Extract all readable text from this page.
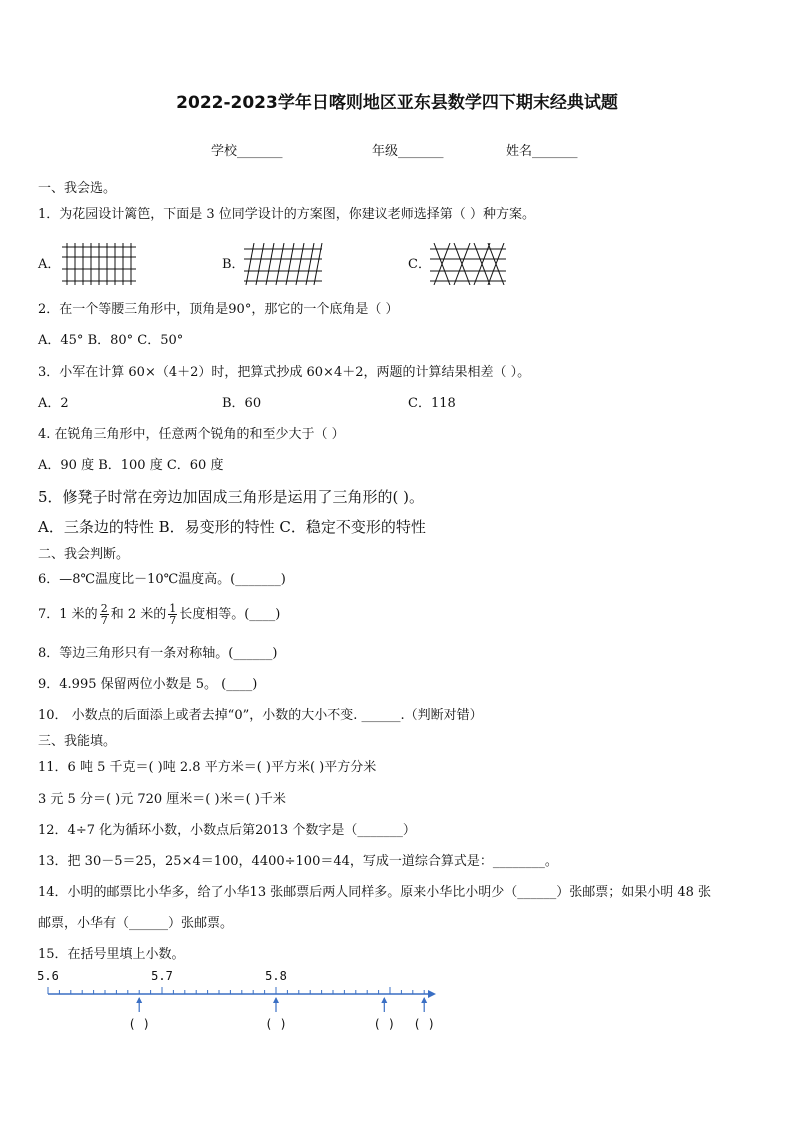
2022-2023学年日喀则地区亚东县数学四下期末经典试题
学校_______	年级_______	姓名_______
一、我会选。
1．为花园设计篱笆，下面是 3 位同学设计的方案图，你建议老师选择第（ ）种方案。
A．	B．	C．
2．在一个等腰三角形中，顶角是90°，那它的一个底角是（ ）
A．45° B．80° C．50°
3．小军在计算 60×（4＋2）时，把算式抄成 60×4＋2，两题的计算结果相差（ ）。
A．2	B．60	C．118
4. 在锐角三角形中，任意两个锐角的和至少大于（ ）
A．90 度 B．100 度 C．60 度
5．修凳子时常在旁边加固成三角形是运用了三角形的( )。
A．三条边的特性 B．易变形的特性 C．稳定不变形的特性
二、我会判断。
6．—8℃温度比－10℃温度高。(_______)
7．1 米的 $\frac{2}{7}$ 和 2 米的 $\frac{1}{7}$ 长度相等。(____)
8．等边三角形只有一条对称轴。(______)
9．4.995 保留两位小数是 5。 (____)
10． 小数点的后面添上或者去掉“0”，小数的大小不变. ______.（判断对错）
三、我能填。
11．6 吨 5 千克＝( )吨 2.8 平方米＝( )平方米( )平方分米
3 元 5 分＝( )元 720 厘米＝( )米＝( )千米
12．4÷7 化为循环小数，小数点后第2013 个数字是（_______）
13．把 30－5＝25，25×4＝100，4400÷100＝44，写成一道综合算式是：________。
14．小明的邮票比小华多，给了小华13 张邮票后两人同样多。原来小华比小明少（______）张邮票；如果小明 48 张
邮票，小华有（______）张邮票。
15．在括号里填上小数。
5.6	5.7	5.8
( )	( )	( ) ( )
